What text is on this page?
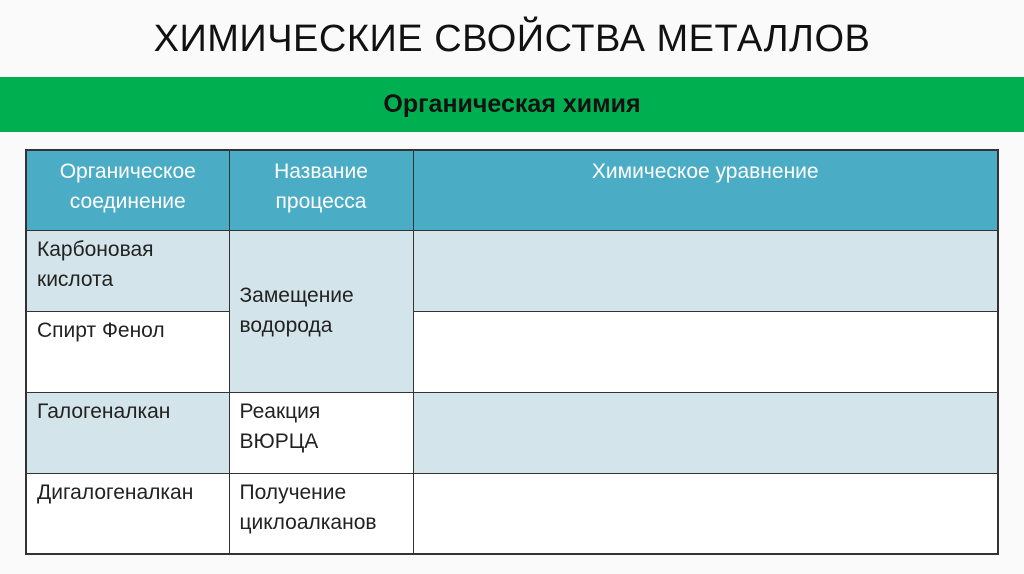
ХИМИЧЕСКИЕ СВОЙСТВА МЕТАЛЛОВ
Органическая химия
Органическое соединение	Название процесса	Химическое уравнение
Карбоновая кислота	Замещение водорода	
Спирт Фенол		
Галогеналкан	Реакция ВЮРЦА	
Дигалогеналкан	Получение циклоалканов	
